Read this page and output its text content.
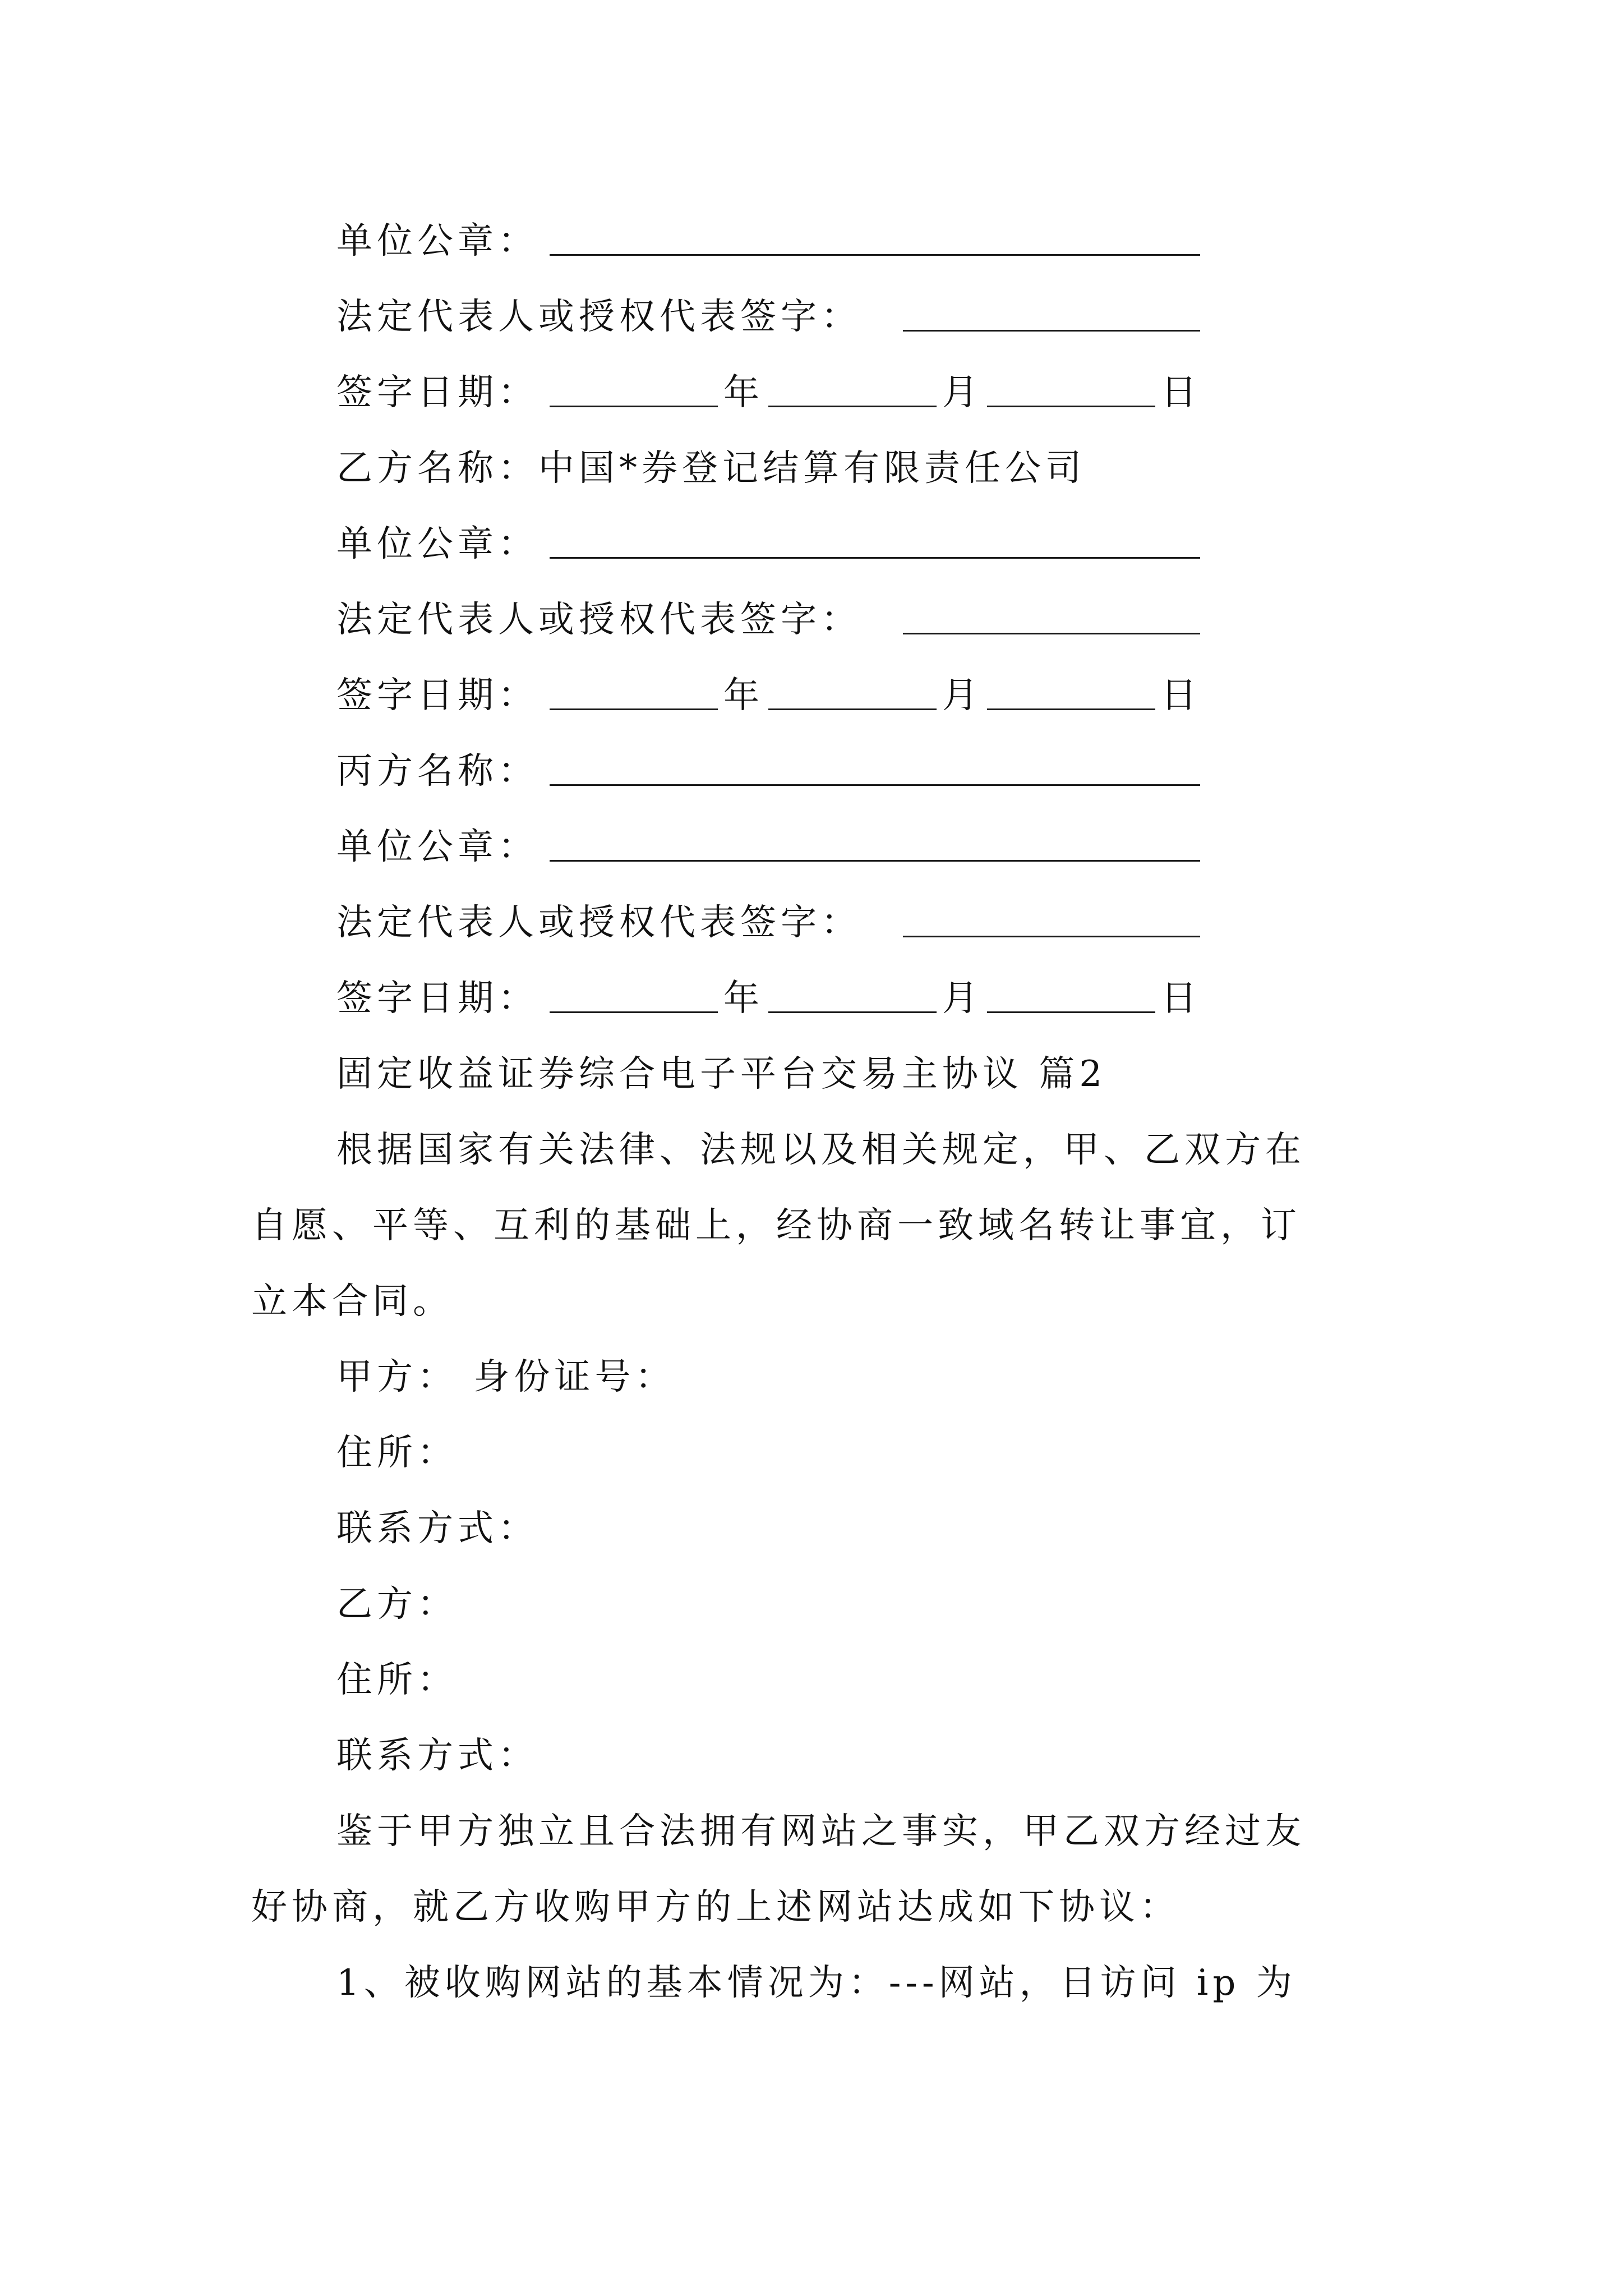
单位公章：
法定代表人或授权代表签字：
签字日期：	年	月	日
乙方名称：中国*券登记结算有限责任公司
单位公章：
法定代表人或授权代表签字：
签字日期：	年	月	日
丙方名称：
单位公章：
法定代表人或授权代表签字：
签字日期：	年	月	日
固定收益证券综合电子平台交易主协议 篇2
根据国家有关法律、法规以及相关规定，甲、乙双方在
自愿、平等、互利的基础上，经协商一致域名转让事宜，订
立本合同。
甲方： 身份证号：
住所：
联系方式：
乙方：
住所：
联系方式：
鉴于甲方独立且合法拥有网站之事实，甲乙双方经过友
好协商，就乙方收购甲方的上述网站达成如下协议：
1、被收购网站的基本情况为：---网站，日访问 ip 为
